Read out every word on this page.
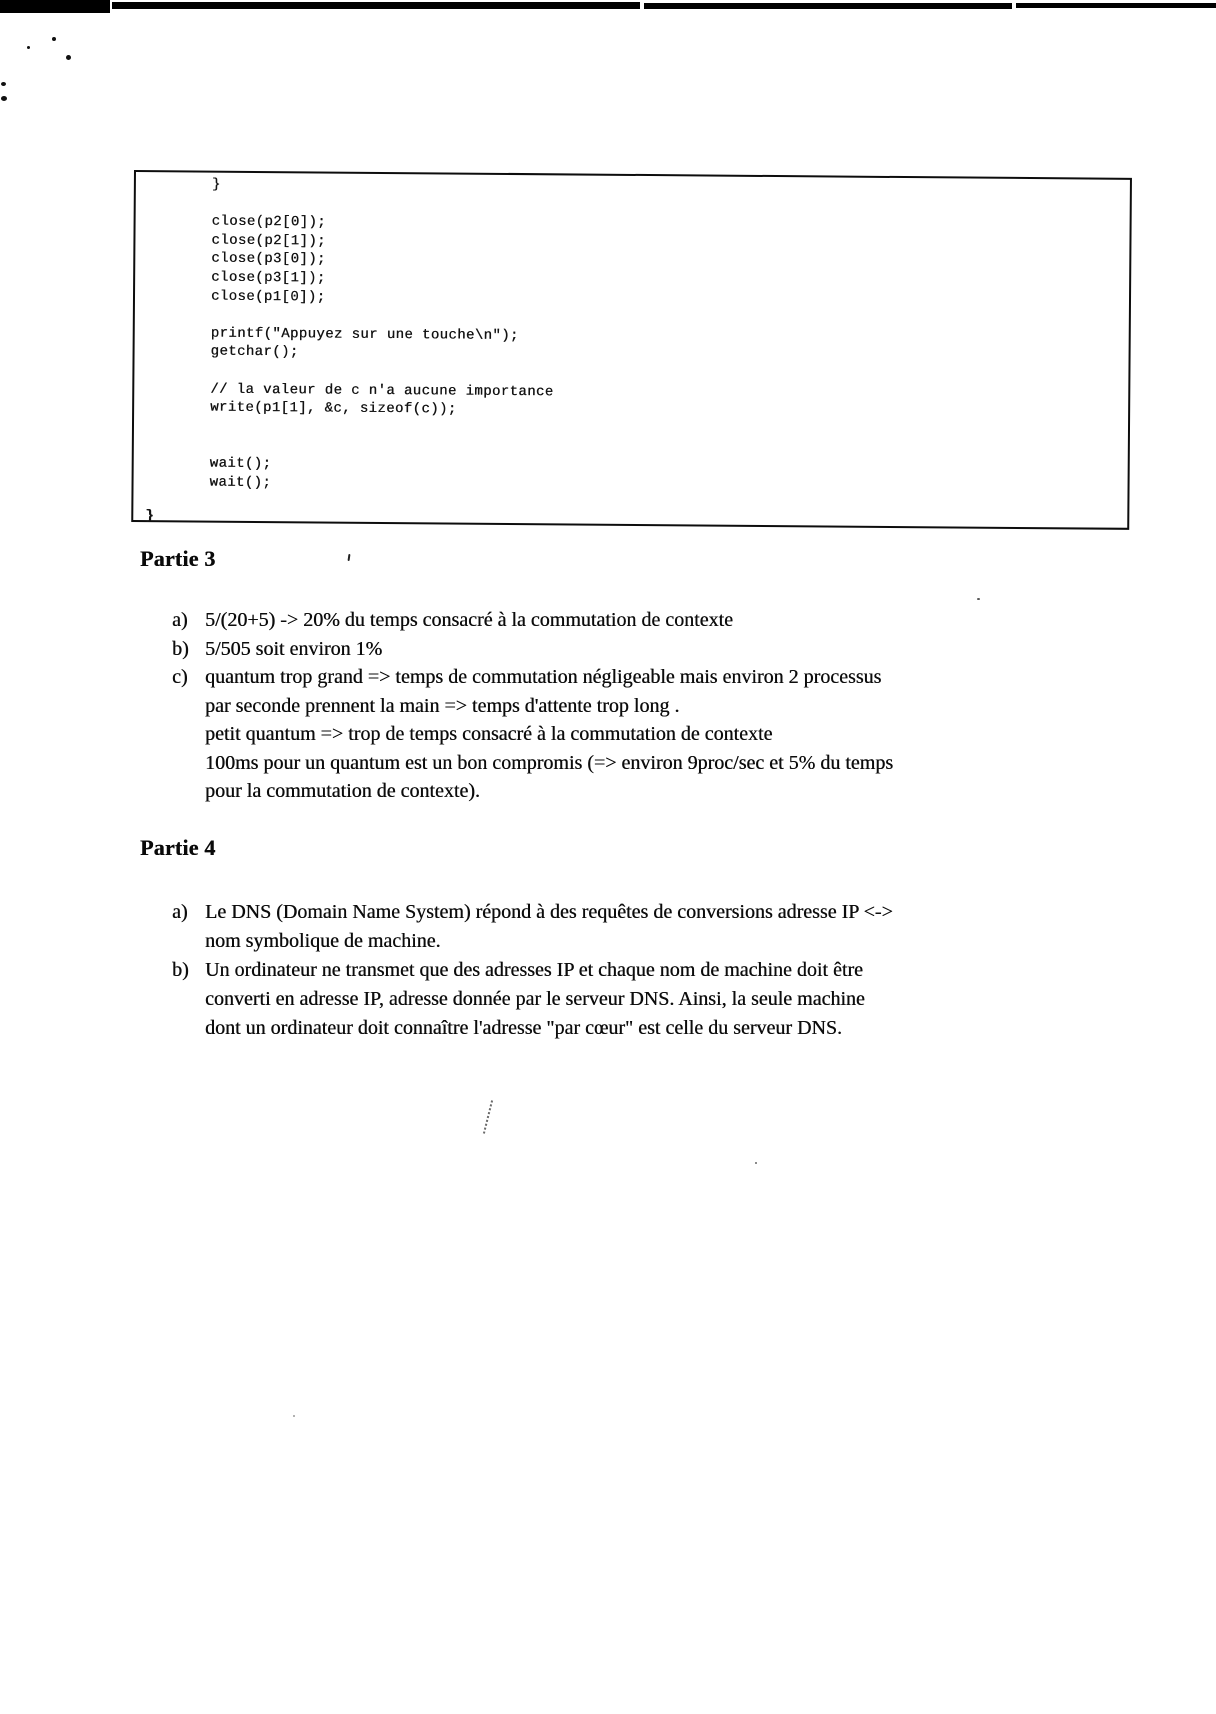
}

close(p2[0]);
close(p2[1]);
close(p3[0]);
close(p3[1]);
close(p1[0]);

printf("Appuyez sur une touche\n");
getchar();

// la valeur de c n'a aucune importance
write(p1[1], &c, sizeof(c));

wait();
wait();
}
Partie 3
a) 5/(20+5) -> 20% du temps consacré à la commutation de contexte
b) 5/505 soit environ 1%
c) quantum trop grand => temps de commutation négligeable mais environ 2 processus
par seconde prennent la main => temps d'attente trop long .
petit quantum => trop de temps consacré à la commutation de contexte
100ms pour un quantum est un bon compromis (=> environ 9proc/sec et 5% du temps
pour la commutation de contexte).
Partie 4
a) Le DNS (Domain Name System) répond à des requêtes de conversions adresse IP <->
nom symbolique de machine.
b) Un ordinateur ne transmet que des adresses IP et chaque nom de machine doit être
converti en adresse IP, adresse donnée par le serveur DNS. Ainsi, la seule machine
dont un ordinateur doit connaître l'adresse "par cœur" est celle du serveur DNS.
